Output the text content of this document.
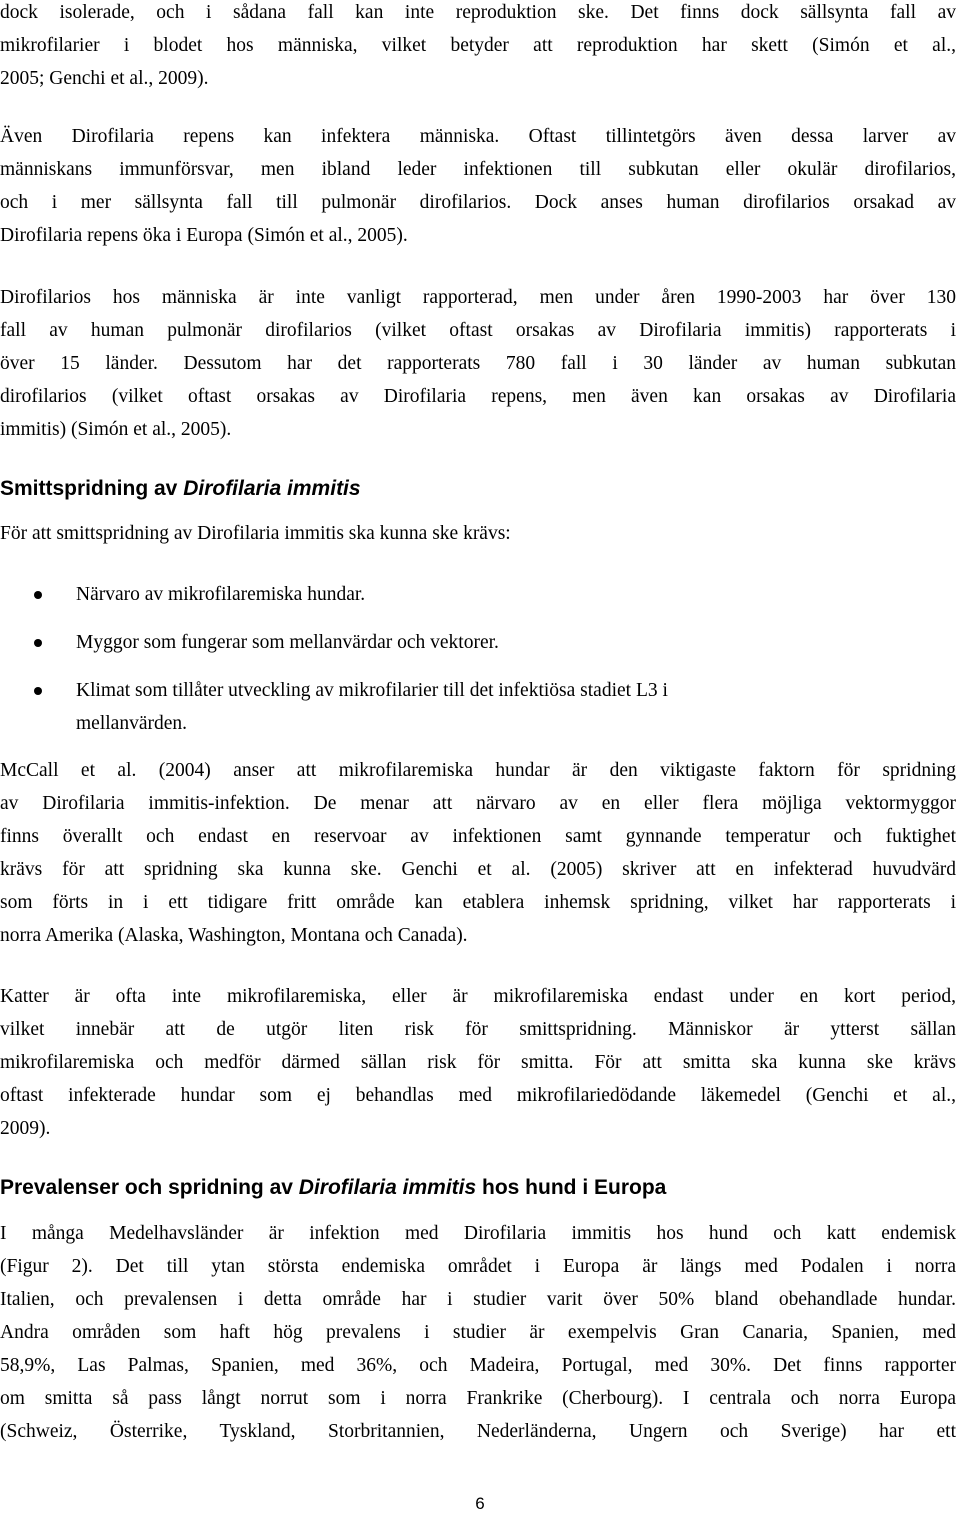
dock isolerade, och i sådana fall kan inte reproduktion ske. Det finns dock sällsynta fall av
mikrofilarier i blodet hos människa, vilket betyder att reproduktion har skett (Simón et al.,
2005; Genchi et al., 2009).
Även Dirofilaria repens kan infektera människa. Oftast tillintetgörs även dessa larver av
människans immunförsvar, men ibland leder infektionen till subkutan eller okulär dirofilarios,
och i mer sällsynta fall till pulmonär dirofilarios. Dock anses human dirofilarios orsakad av
Dirofilaria repens öka i Europa (Simón et al., 2005).
Dirofilarios hos människa är inte vanligt rapporterad, men under åren 1990-2003 har över 130
fall av human pulmonär dirofilarios (vilket oftast orsakas av Dirofilaria immitis) rapporterats i
över 15 länder. Dessutom har det rapporterats 780 fall i 30 länder av human subkutan
dirofilarios (vilket oftast orsakas av Dirofilaria repens, men även kan orsakas av Dirofilaria
immitis) (Simón et al., 2005).
Smittspridning av Dirofilaria immitis
För att smittspridning av Dirofilaria immitis ska kunna ske krävs:
Närvaro av mikrofilaremiska hundar.
Myggor som fungerar som mellanvärdar och vektorer.
Klimat som tillåter utveckling av mikrofilarier till det infektiösa stadiet L3 i
mellanvärden.
McCall et al. (2004) anser att mikrofilaremiska hundar är den viktigaste faktorn för spridning
av Dirofilaria immitis-infektion. De menar att närvaro av en eller flera möjliga vektormyggor
finns överallt och endast en reservoar av infektionen samt gynnande temperatur och fuktighet
krävs för att spridning ska kunna ske. Genchi et al. (2005) skriver att en infekterad huvudvärd
som förts in i ett tidigare fritt område kan etablera inhemsk spridning, vilket har rapporterats i
norra Amerika (Alaska, Washington, Montana och Canada).
Katter är ofta inte mikrofilaremiska, eller är mikrofilaremiska endast under en kort period,
vilket innebär att de utgör liten risk för smittspridning. Människor är ytterst sällan
mikrofilaremiska och medför därmed sällan risk för smitta. För att smitta ska kunna ske krävs
oftast infekterade hundar som ej behandlas med mikrofilariedödande läkemedel (Genchi et al.,
2009).
Prevalenser och spridning av Dirofilaria immitis hos hund i Europa
I många Medelhavsländer är infektion med Dirofilaria immitis hos hund och katt endemisk
(Figur 2). Det till ytan största endemiska området i Europa är längs med Podalen i norra
Italien, och prevalensen i detta område har i studier varit över 50% bland obehandlade hundar.
Andra områden som haft hög prevalens i studier är exempelvis Gran Canaria, Spanien, med
58,9%, Las Palmas, Spanien, med 36%, och Madeira, Portugal, med 30%. Det finns rapporter
om smitta så pass långt norrut som i norra Frankrike (Cherbourg). I centrala och norra Europa
(Schweiz, Österrike, Tyskland, Storbritannien, Nederländerna, Ungern och Sverige) har ett
6
